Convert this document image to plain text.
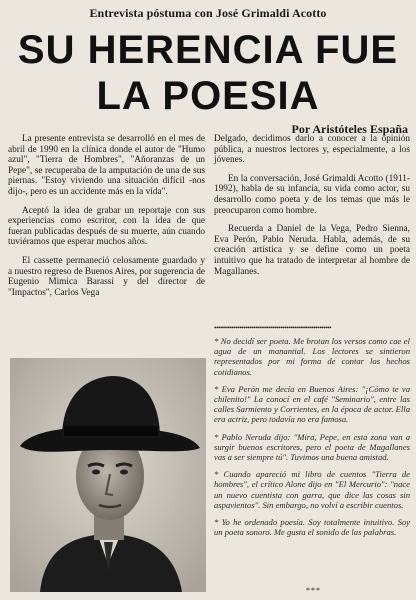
Entrevista póstuma con José Grimaldi Acotto
SU HERENCIA FUE
LA POESIA
Por Aristóteles España

La presente entrevista se desarrolló en el mes de abril de 1990 en la clínica donde el autor de "Humo azul", "Tierra de Hombres", "Añoranzas de un Pepe", se recuperaba de la amputación de una de sus piernas. "Estoy viviendo una situación difícil -nos dijo-, pero es un accidente más en la vida".

Aceptó la idea de grabar un reportaje con sus experiencias como escritor, con la idea de que fueran publicadas después de su muerte, aún cuando tuviéramos que esperar muchos años.

El cassette permaneció celosamente guardado y a nuestro regreso de Buenos Aires, por sugerencia de Eugenio Mimica Barassi y del director de "Impactos", Carlos Vega

Delgado, decidimos darlo a conocer a la opinión pública, a nuestros lectores y, especialmente, a los jóvenes.

En la conversación, José Grimaldi Acotto (1911-1992), habla de su infancia, su vida como actor, su desarrollo como poeta y de los temas que más le preocuparon como hombre.

Recuerda a Daniel de la Vega, Pedro Sienna, Eva Perón, Pablo Neruda. Habla, además, de su creación artística y se define como un poeta intuitivo que ha tratado de interpretar al hombre de Magallanes.

••••••••••••••••••••••••••••••••••••••••••••••••••••••••••••

* No decidí ser poeta. Me brotan los versos como cae el agua de un manantial. Los lectores se sintieron representados por mi forma de contar los hechos cotidianos.

* Eva Perón me decía en Buenos Aires: "¡Cómo te va chilenito!" La conocí en el café "Seminario", entre las calles Sarmiento y Corrientes, en la época de actor. Ella era actriz, pero todavía no era famosa.

* Pablo Neruda dijo: "Mira, Pepe, en esta zona van a surgir buenos escritores, pero el poeta de Magallanes vas a ser siempre tú". Tuvimos una buena amistad.

* Cuando apareció mi libro de cuentos "Tierra de hombres", el crítico Alone dijo en "El Mercurio": "nace un nuevo cuentista con garra, que dice las cosas sin aspavientos". Sin embargo, no volví a escribir cuentos.

* Yo he ordenado poesía. Soy totalmente intuitivo. Soy un poeta sonoro. Me gusta el sonido de las palabras.

***
